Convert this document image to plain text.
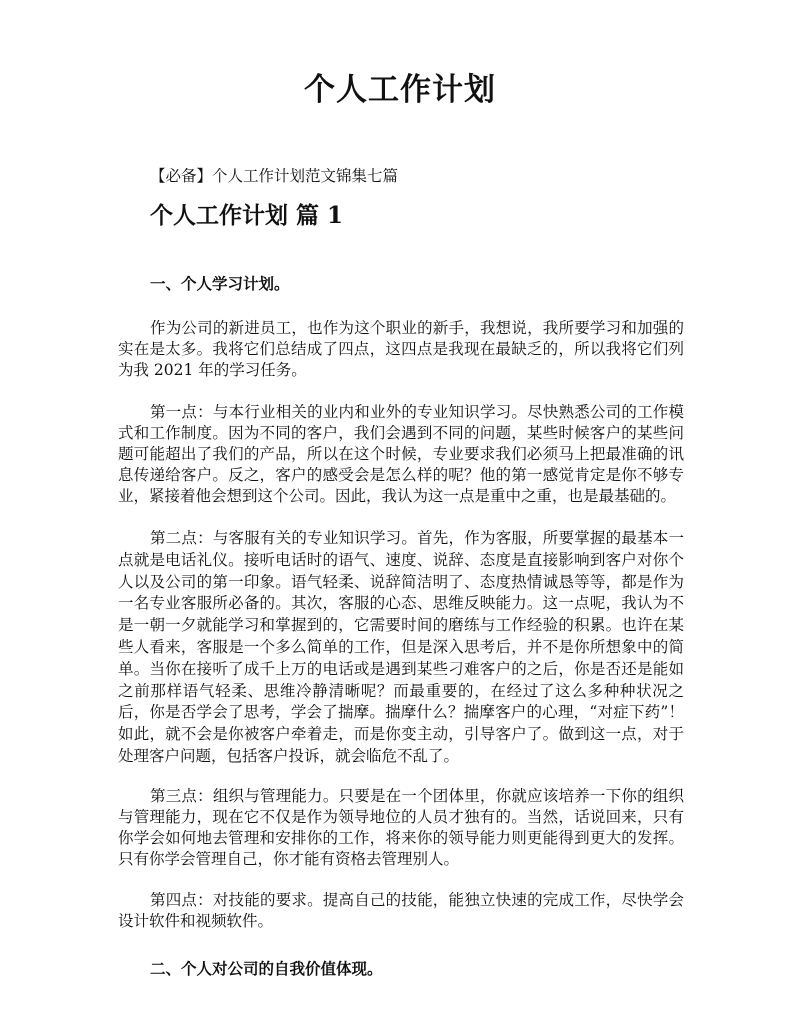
个人工作计划
【必备】个人工作计划范文锦集七篇
个人工作计划 篇 1
一、个人学习计划。
作为公司的新进员工，也作为这个职业的新手，我想说，我所要学习和加强的实在是太多。我将它们总结成了四点，这四点是我现在最缺乏的，所以我将它们列为我 2021 年的学习任务。
第一点：与本行业相关的业内和业外的专业知识学习。尽快熟悉公司的工作模式和工作制度。因为不同的客户，我们会遇到不同的问题，某些时候客户的某些问题可能超出了我们的产品，所以在这个时候，专业要求我们必须马上把最准确的讯息传递给客户。反之，客户的感受会是怎么样的呢？他的第一感觉肯定是你不够专业，紧接着他会想到这个公司。因此，我认为这一点是重中之重，也是最基础的。
第二点：与客服有关的专业知识学习。首先，作为客服，所要掌握的最基本一点就是电话礼仪。接听电话时的语气、速度、说辞、态度是直接影响到客户对你个人以及公司的第一印象。语气轻柔、说辞简洁明了、态度热情诚恳等等，都是作为一名专业客服所必备的。其次，客服的心态、思维反映能力。这一点呢，我认为不是一朝一夕就能学习和掌握到的，它需要时间的磨练与工作经验的积累。也许在某些人看来，客服是一个多么简单的工作，但是深入思考后，并不是你所想象中的简单。当你在接听了成千上万的电话或是遇到某些刁难客户的之后，你是否还是能如之前那样语气轻柔、思维冷静清晰呢？而最重要的，在经过了这么多种种状况之后，你是否学会了思考，学会了揣摩。揣摩什么？揣摩客户的心理，“对症下药”！如此，就不会是你被客户牵着走，而是你变主动，引导客户了。做到这一点，对于处理客户问题，包括客户投诉，就会临危不乱了。
第三点：组织与管理能力。只要是在一个团体里，你就应该培养一下你的组织与管理能力，现在它不仅是作为领导地位的人员才独有的。当然，话说回来，只有你学会如何地去管理和安排你的工作，将来你的领导能力则更能得到更大的发挥。只有你学会管理自己，你才能有资格去管理别人。
第四点：对技能的要求。提高自己的技能，能独立快速的完成工作，尽快学会设计软件和视频软件。
二、个人对公司的自我价值体现。
